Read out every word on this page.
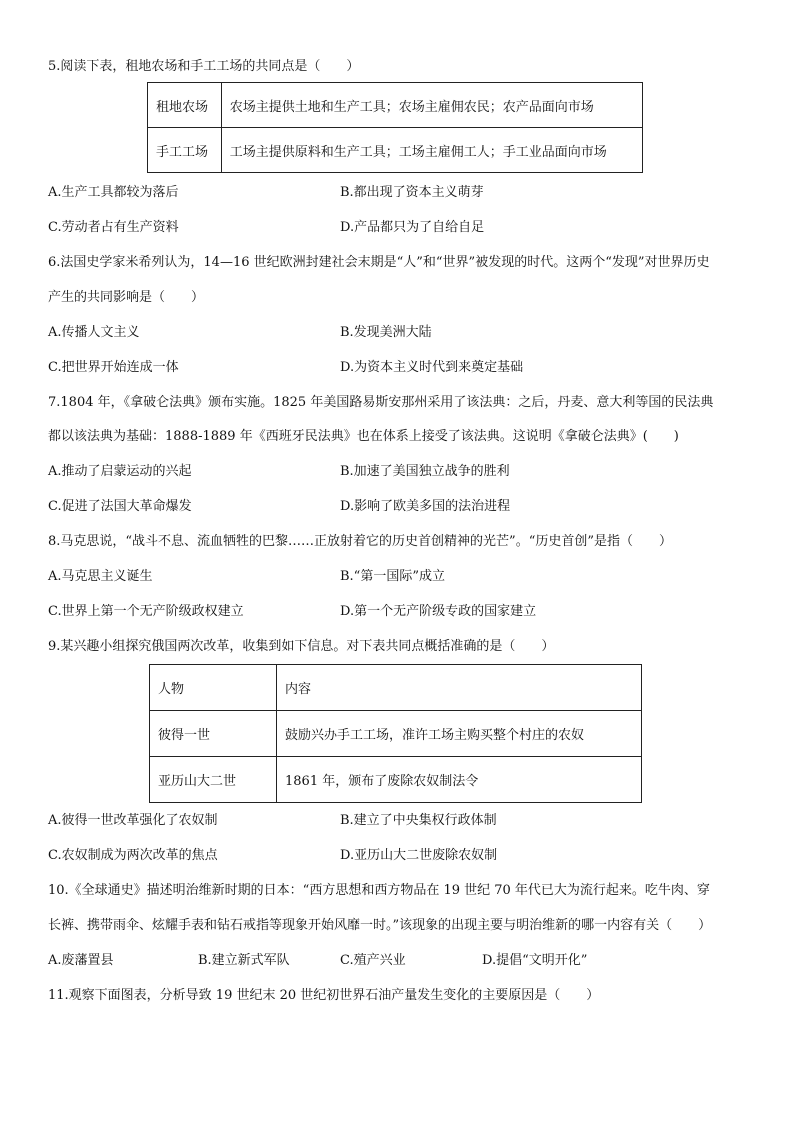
5.阅读下表，租地农场和手工工场的共同点是（　　）
租地农场	农场主提供土地和生产工具；农场主雇佣农民；农产品面向市场
手工工场	工场主提供原料和生产工具；工场主雇佣工人；手工业品面向市场
A.生产工具都较为落后	B.都出现了资本主义萌芽
C.劳动者占有生产资料	D.产品都只为了自给自足
6.法国史学家米希列认为，14—16 世纪欧洲封建社会末期是“人”和“世界”被发现的时代。这两个“发现”对世界历史
产生的共同影响是（　　）
A.传播人文主义	B.发现美洲大陆
C.把世界开始连成一体	D.为资本主义时代到来奠定基础
7.1804 年，《拿破仑法典》颁布实施。1825 年美国路易斯安那州采用了该法典：之后，丹麦、意大利等国的民法典
都以该法典为基础：1888-1889 年《西班牙民法典》也在体系上接受了该法典。这说明《拿破仑法典》(　　)
A.推动了启蒙运动的兴起	B.加速了美国独立战争的胜利
C.促进了法国大革命爆发	D.影响了欧美多国的法治进程
8.马克思说，“战斗不息、流血牺牲的巴黎……正放射着它的历史首创精神的光芒”。“历史首创”是指（　　）
A.马克思主义诞生	B.“第一国际”成立
C.世界上第一个无产阶级政权建立	D.第一个无产阶级专政的国家建立
9.某兴趣小组探究俄国两次改革，收集到如下信息。对下表共同点概括准确的是（　　）
人物	内容
彼得一世	鼓励兴办手工工场，准许工场主购买整个村庄的农奴
亚历山大二世	1861 年，颁布了废除农奴制法令
A.彼得一世改革强化了农奴制	B.建立了中央集权行政体制
C.农奴制成为两次改革的焦点	D.亚历山大二世废除农奴制
10.《全球通史》描述明治维新时期的日本：“西方思想和西方物品在 19 世纪 70 年代已大为流行起来。吃牛肉、穿
长裤、携带雨伞、炫耀手表和钻石戒指等现象开始风靡一时。”该现象的出现主要与明治维新的哪一内容有关（　　）
A.废藩置县	B.建立新式军队	C.殖产兴业	D.提倡“文明开化”
11.观察下面图表，分析导致 19 世纪末 20 世纪初世界石油产量发生变化的主要原因是（　　）
